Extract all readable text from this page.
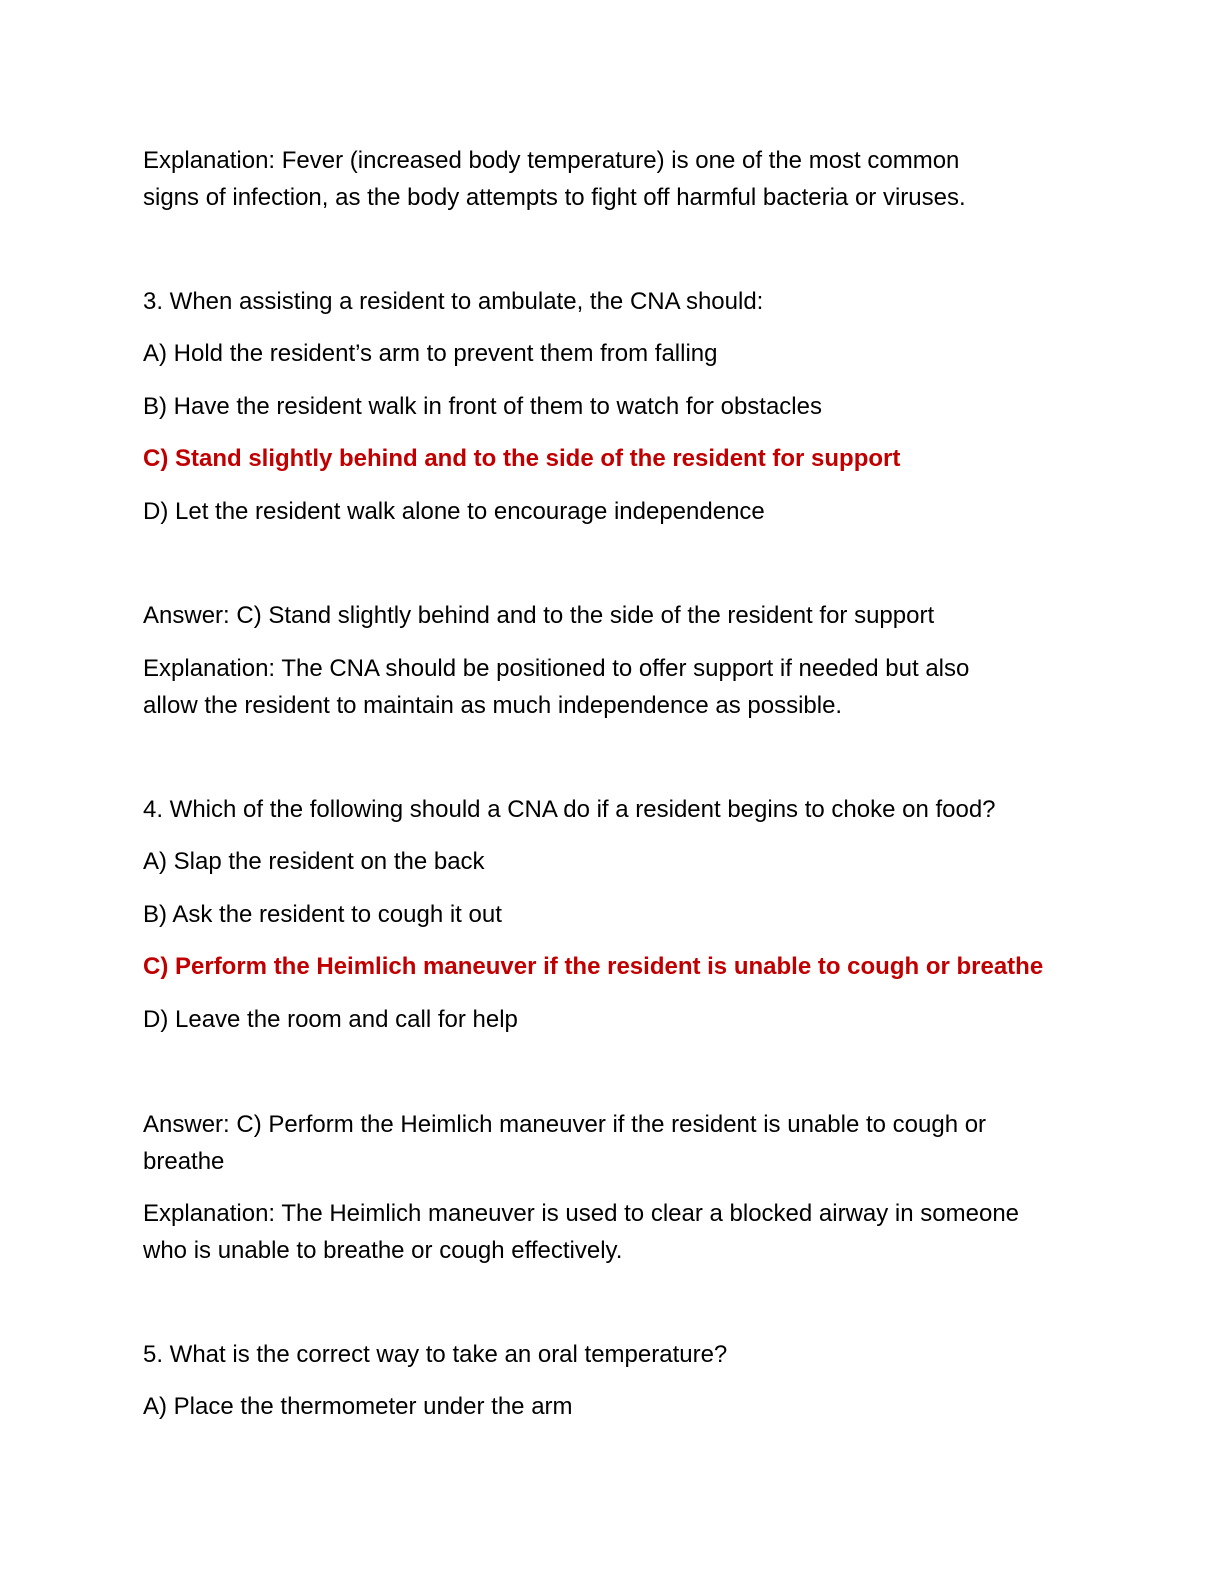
Explanation: Fever (increased body temperature) is one of the most common
signs of infection, as the body attempts to fight off harmful bacteria or viruses.
3. When assisting a resident to ambulate, the CNA should:
A) Hold the resident’s arm to prevent them from falling
B) Have the resident walk in front of them to watch for obstacles
C) Stand slightly behind and to the side of the resident for support
D) Let the resident walk alone to encourage independence
Answer: C) Stand slightly behind and to the side of the resident for support
Explanation: The CNA should be positioned to offer support if needed but also
allow the resident to maintain as much independence as possible.
4. Which of the following should a CNA do if a resident begins to choke on food?
A) Slap the resident on the back
B) Ask the resident to cough it out
C) Perform the Heimlich maneuver if the resident is unable to cough or breathe
D) Leave the room and call for help
Answer: C) Perform the Heimlich maneuver if the resident is unable to cough or
breathe
Explanation: The Heimlich maneuver is used to clear a blocked airway in someone
who is unable to breathe or cough effectively.
5. What is the correct way to take an oral temperature?
A) Place the thermometer under the arm
